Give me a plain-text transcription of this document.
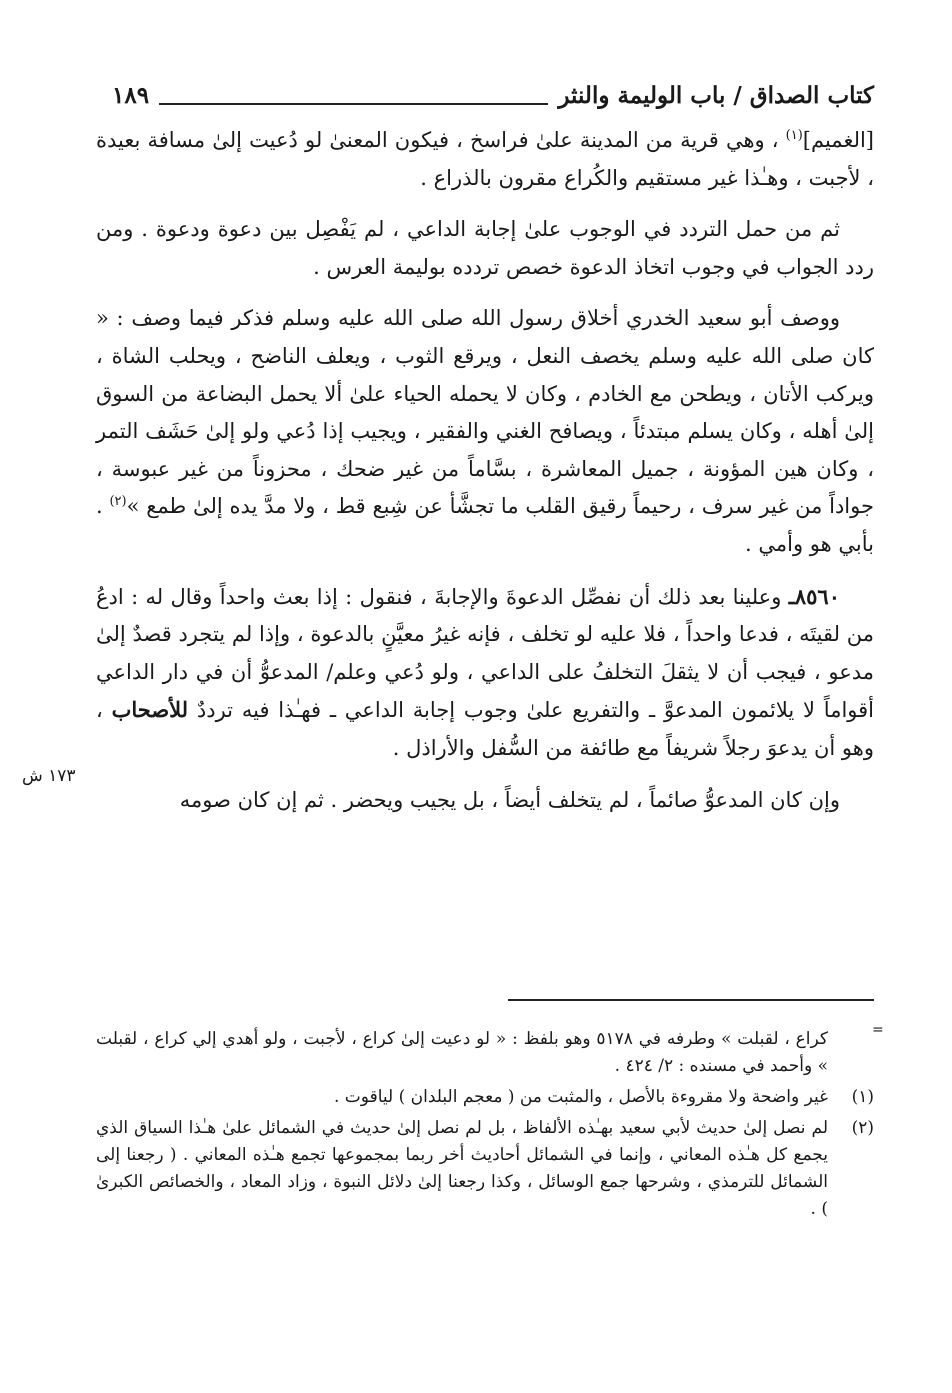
كتاب الصداق / باب الوليمة والنثر
١٨٩

[الغميم]$^{(١)}$ ، وهي قرية من المدينة علىٰ فراسخ ، فيكون المعنىٰ لو دُعيت إلىٰ مسافة بعيدة ، لأجبت ، وهـٰذا غير مستقيم والكُراع مقرون بالذراع .

ثم من حمل التردد في الوجوب علىٰ إجابة الداعي ، لم يَفْصِل بين دعوة ودعوة . ومن ردد الجواب في وجوب اتخاذ الدعوة خصص تردده بوليمة العرس .

ووصف أبو سعيد الخدري أخلاق رسول الله صلى الله عليه وسلم فذكر فيما وصف : « كان صلى الله عليه وسلم يخصف النعل ، ويرقع الثوب ، ويعلف الناضح ، ويحلب الشاة ، ويركب الأتان ، ويطحن مع الخادم ، وكان لا يحمله الحياء علىٰ ألا يحمل البضاعة من السوق إلىٰ أهله ، وكان يسلم مبتدئاً ، ويصافح الغني والفقير ، ويجيب إذا دُعي ولو إلىٰ حَشَف التمر ، وكان هين المؤونة ، جميل المعاشرة ، بسَّاماً من غير ضحك ، محزوناً من غير عبوسة ، جواداً من غير سرف ، رحيماً رقيق القلب ما تجشَّأ عن شِبع قط ، ولا مدَّ يده إلىٰ طمع »$^{(٢)}$ . بأبي هو وأمي .

٨٥٦٠ـ وعلينا بعد ذلك أن نفصِّل الدعوةَ والإجابةَ ، فنقول : إذا بعث واحداً وقال له : ادعُ من لقيتَه ، فدعا واحداً ، فلا عليه لو تخلف ، فإنه غيرُ معيَّنٍ بالدعوة ، وإذا لم يتجرد قصدٌ إلىٰ مدعو ، فيجب أن لا يثقلَ التخلفُ على الداعي ، ولو دُعي وعلم/ المدعوُّ أن في دار الداعي أقواماً لا يلائمون المدعوَّ ـ والتفريع علىٰ وجوب إجابة الداعي ـ فهـٰذا فيه ترددٌ للأصحاب ، وهو أن يدعوَ رجلاً شريفاً مع طائفة من السُّفل والأراذل .

وإن كان المدعوُّ صائماً ، لم يتخلف أيضاً ، بل يجيب ويحضر . ثم إن كان صومه

١٧٣ ش
=
كراع ، لقبلت » وطرفه في ٥١٧٨ وهو بلفظ : « لو دعيت إلىٰ كراع ، لأجبت ، ولو أهدي إلي كراع ، لقبلت » وأحمد في مسنده : ٢/ ٤٢٤ .
(١)
غير واضحة ولا مقروءة بالأصل ، والمثبت من ( معجم البلدان ) لياقوت .
(٢)
لم نصل إلىٰ حديث لأبي سعيد بهـٰذه الألفاظ ، بل لم نصل إلىٰ حديث في الشمائل علىٰ هـٰذا السياق الذي يجمع كل هـٰذه المعاني ، وإنما في الشمائل أحاديث أخر ربما بمجموعها تجمع هـٰذه المعاني . ( رجعنا إلى الشمائل للترمذي ، وشرحها جمع الوسائل ، وكذا رجعنا إلىٰ دلائل النبوة ، وزاد المعاد ، والخصائص الكبرىٰ ) .
